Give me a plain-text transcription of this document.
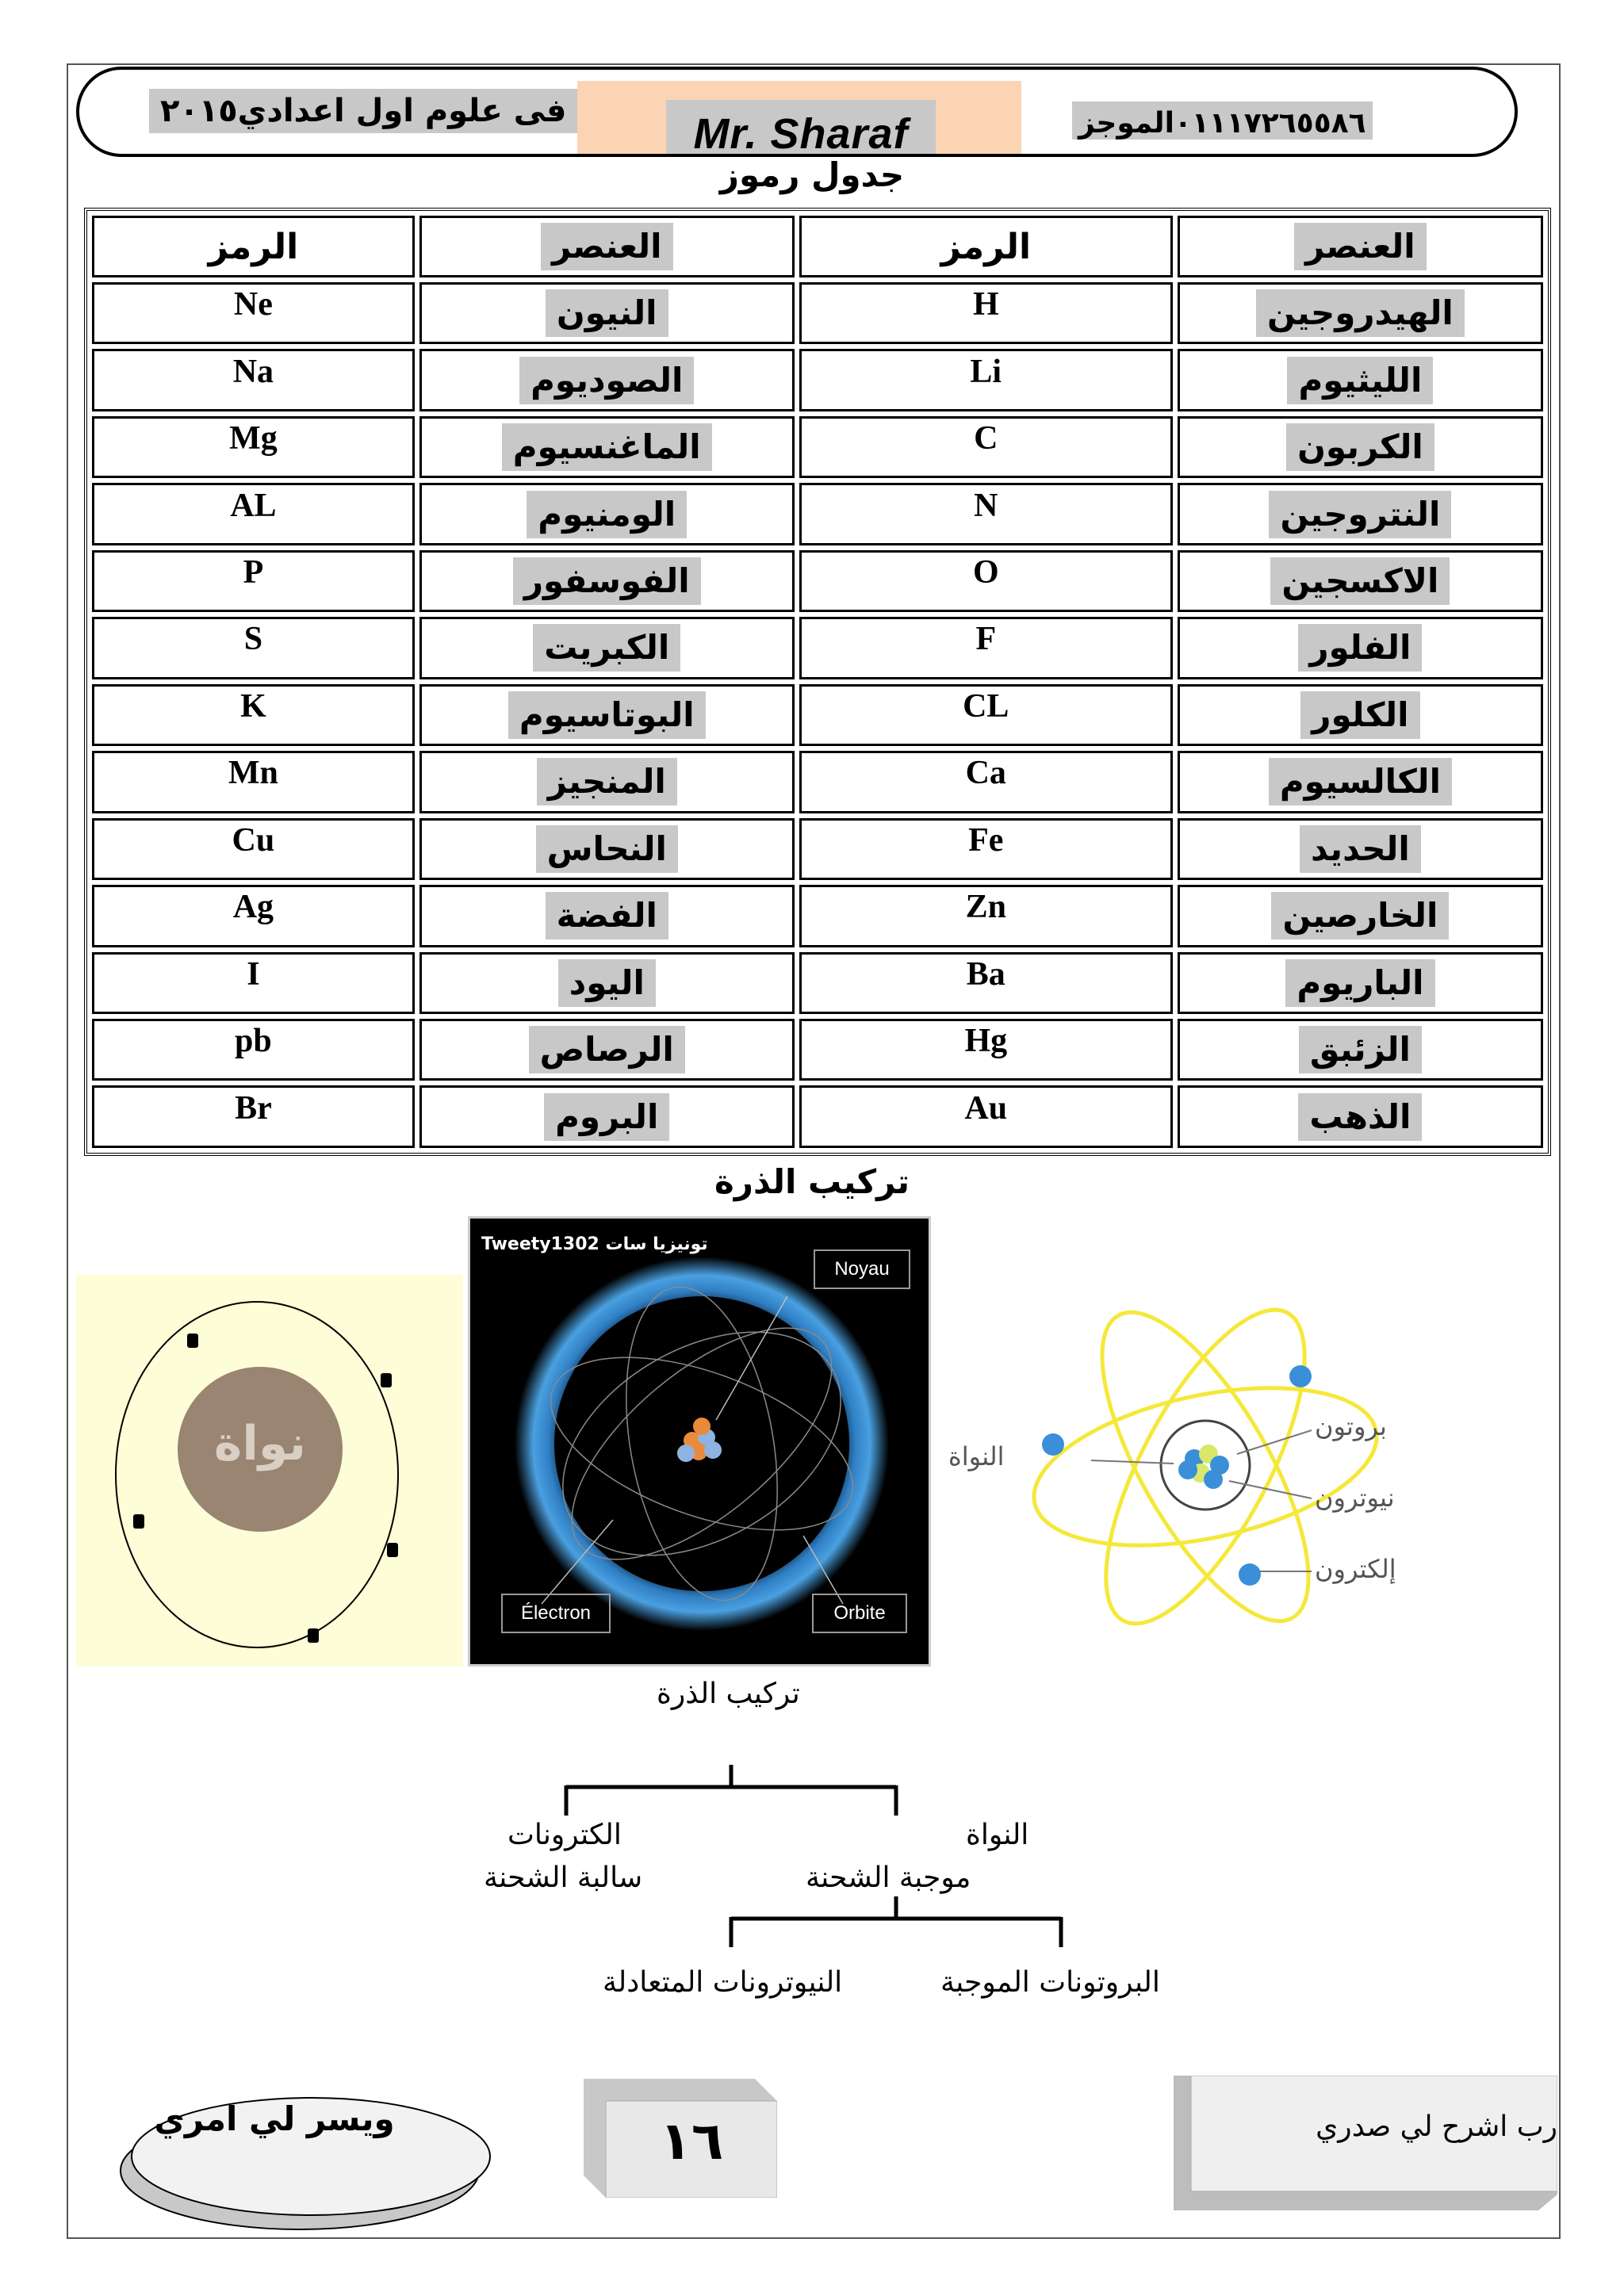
فى علوم اول اعدادي٢٠١٥	Mr. Sharaf	٠١١١٧٢٦٥٥٨٦الموجز
جدول رموز
العنصر	الرمز	العنصر	الرمز
الهيدروجين	H	النيون	Ne
الليثيوم	Li	الصوديوم	Na
الكربون	C	الماغنسيوم	Mg
النتروجين	N	الومنيوم	AL
الاكسجين	O	الفوسفور	P
الفلور	F	الكبريت	S
الكلور	CL	البوتاسيوم	K
الكالسيوم	Ca	المنجيز	Mn
الحديد	Fe	النحاس	Cu
الخارصين	Zn	الفضة	Ag
الباريوم	Ba	اليود	I
الزئبق	Hg	الرصاص	pb
الذهب	Au	البروم	Br
تركيب الذرة
نواة
Tweety1302 تونيزيا سات
Noyau
Électron	Orbite
النواة
بروتون
نيوترون
إلكترون
تركيب الذرة
النواة
موجبة الشحنة
الكترونات
سالبة الشحنة
البروتونات الموجبة
النيوترونات المتعادلة
ويسر لي امري	١٦	رب اشرح لي صدري
